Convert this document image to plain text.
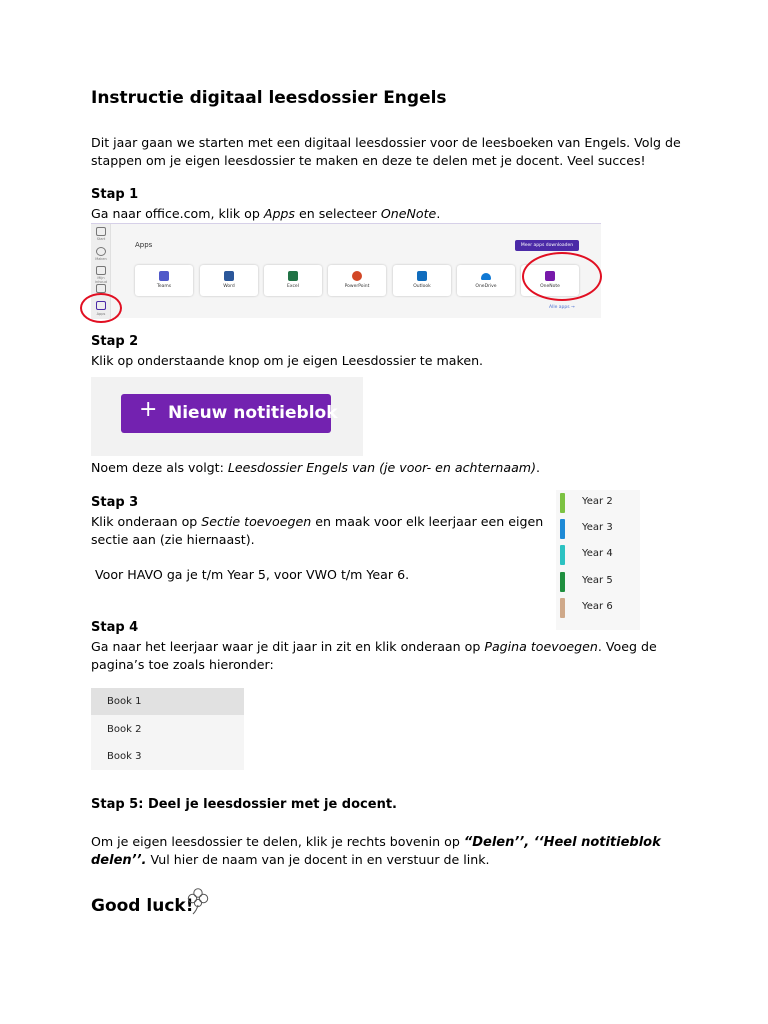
Instructie digitaal leesdossier Engels
Dit jaar gaan we starten met een digitaal leesdossier voor de leesboeken van Engels. Volg de
stappen om je eigen leesdossier te maken en deze te delen met je docent. Veel succes!
Stap 1
Ga naar office.com, klik op Apps en selecteer OneNote.
Start
Maken
Mijn inhoud
Apps
Apps	Meer apps downloaden
Teams	Word	Excel	PowerPoint	Outlook	OneDrive	OneNote
Alle apps →
Stap 2
Klik op onderstaande knop om je eigen Leesdossier te maken.
+ Nieuw notitieblok
Noem deze als volgt: Leesdossier Engels van (je voor- en achternaam).
Stap 3
Klik onderaan op Sectie toevoegen en maak voor elk leerjaar een eigen
sectie aan (zie hiernaast).
Voor HAVO ga je t/m Year 5, voor VWO t/m Year 6.
Year 2
Year 3
Year 4
Year 5
Year 6
Stap 4
Ga naar het leerjaar waar je dit jaar in zit en klik onderaan op Pagina toevoegen. Voeg de
pagina’s toe zoals hieronder:
Book 1
Book 2
Book 3
Stap 5: Deel je leesdossier met je docent.
Om je eigen leesdossier te delen, klik je rechts bovenin op “Delen’’, ‘‘Heel notitieblok
delen’’. Vul hier de naam van je docent in en verstuur de link.
Good luck!
